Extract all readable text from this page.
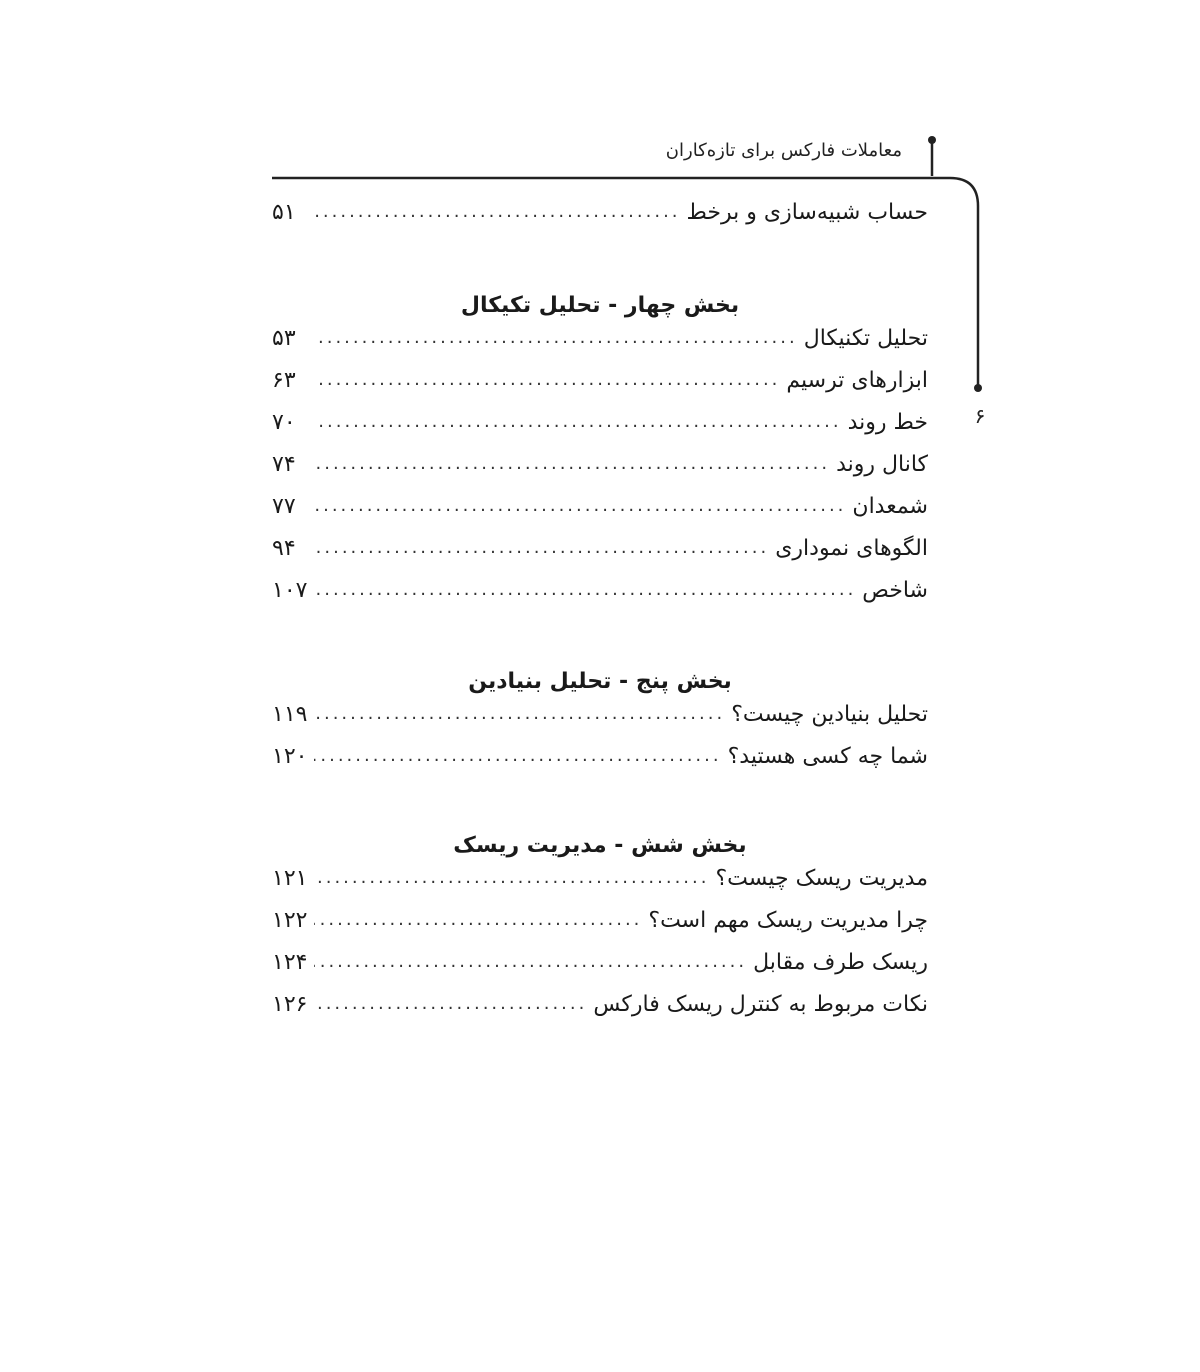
معاملات فارکس برای تازه‌کاران
۶
حساب شبیه‌سازی و برخط
.....
۵۱
بخش چهار - تحلیل تکیکال
تحلیل تکنیکال
.....
۵۳
ابزارهای ترسیم
.....
۶۳
خط روند
.....
۷۰
کانال روند
.....
۷۴
شمعدان
.....
۷۷
الگوهای نموداری
.....
۹۴
شاخص
.....
۱۰۷
بخش پنج - تحلیل بنیادین
تحلیل بنیادین چیست؟
.....
۱۱۹
شما چه کسی هستید؟
.....
۱۲۰
بخش شش - مدیریت ریسک
مدیریت ریسک چیست؟
.....
۱۲۱
چرا مدیریت ریسک مهم است؟
.....
۱۲۲
ریسک طرف مقابل
.....
۱۲۴
نکات مربوط به کنترل ریسک فارکس
.....
۱۲۶
